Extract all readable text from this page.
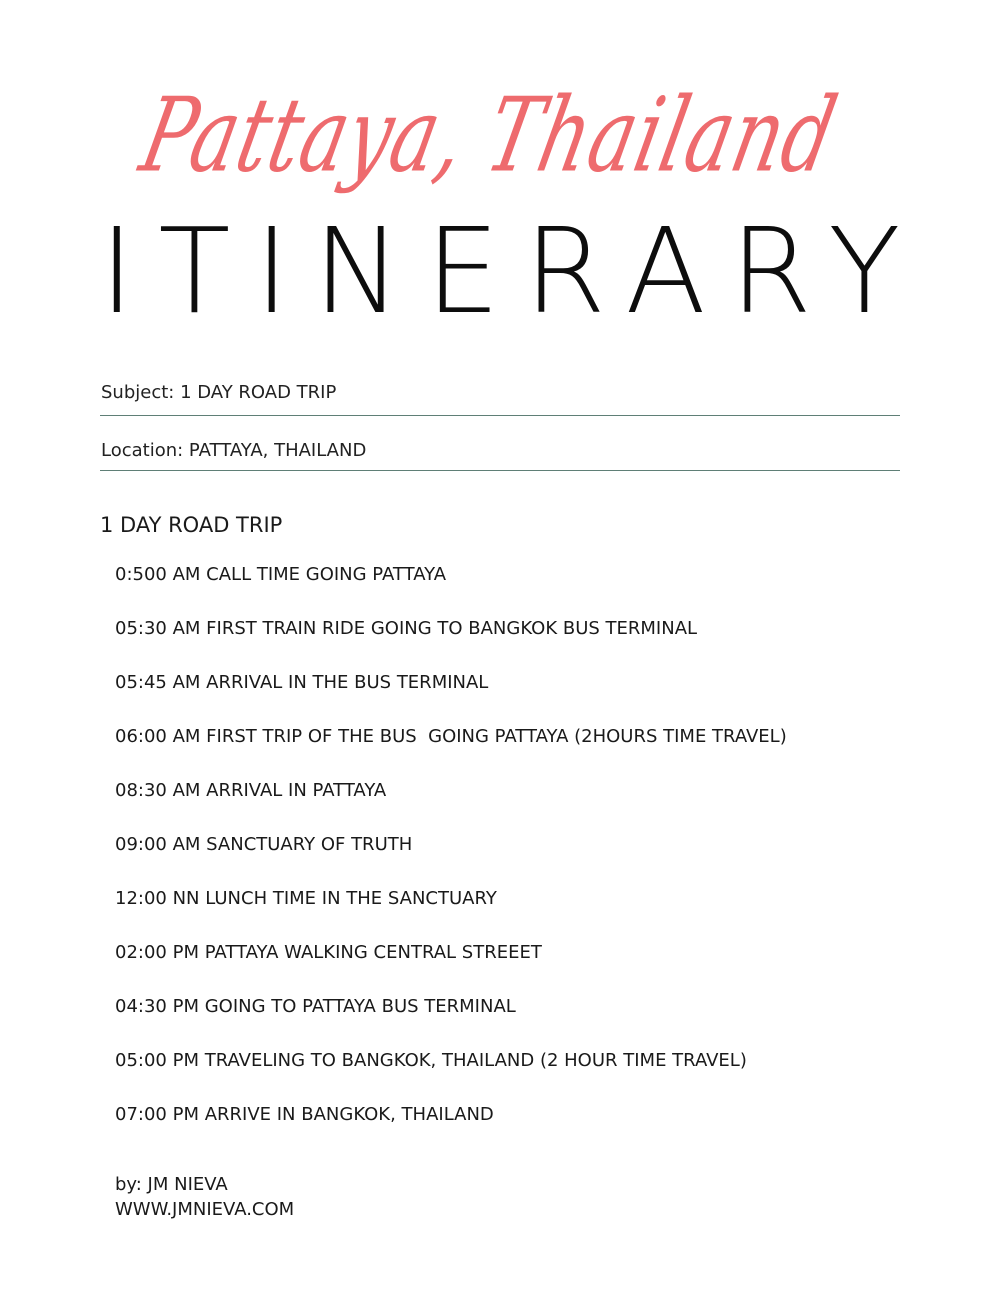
Pattaya, Thailand
ITINERARY
Subject: 1 DAY ROAD TRIP
Location: PATTAYA, THAILAND
1 DAY ROAD TRIP
0:500 AM CALL TIME GOING PATTAYA
05:30 AM FIRST TRAIN RIDE GOING TO BANGKOK BUS TERMINAL
05:45 AM ARRIVAL IN THE BUS TERMINAL
06:00 AM FIRST TRIP OF THE BUS  GOING PATTAYA (2HOURS TIME TRAVEL)
08:30 AM ARRIVAL IN PATTAYA
09:00 AM SANCTUARY OF TRUTH
12:00 NN LUNCH TIME IN THE SANCTUARY
02:00 PM PATTAYA WALKING CENTRAL STREEET
04:30 PM GOING TO PATTAYA BUS TERMINAL
05:00 PM TRAVELING TO BANGKOK, THAILAND (2 HOUR TIME TRAVEL)
07:00 PM ARRIVE IN BANGKOK, THAILAND
by: JM NIEVA
WWW.JMNIEVA.COM
